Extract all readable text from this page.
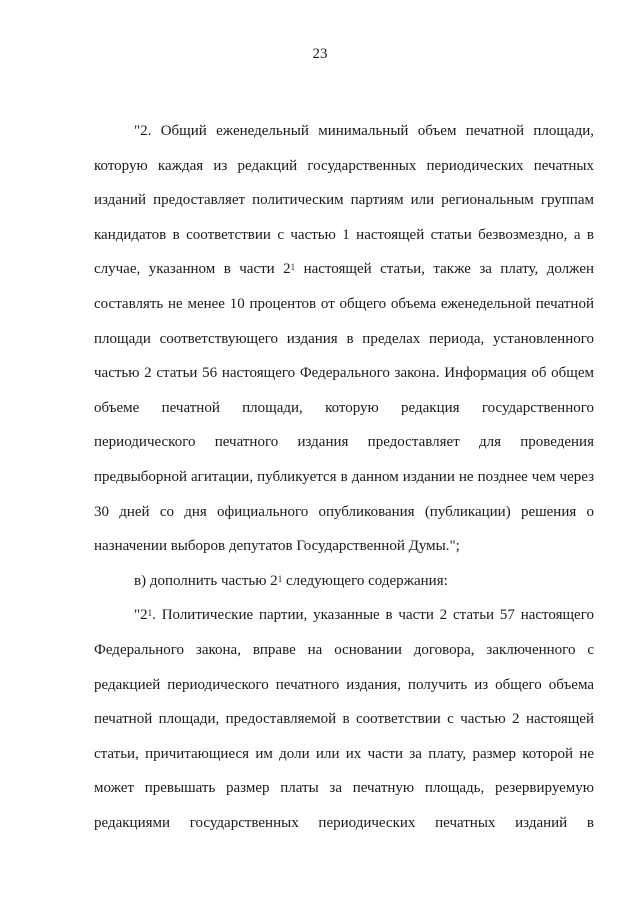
23

"2. Общий еженедельный минимальный объем печатной площади, которую каждая из редакций государственных периодических печатных изданий предоставляет политическим партиям или региональным группам кандидатов в соответствии с частью 1 настоящей статьи безвозмездно, а в случае, указанном в части $2^1$ настоящей статьи, также за плату, должен составлять не менее 10 процентов от общего объема еженедельной печатной площади соответствующего издания в пределах периода, установленного частью 2 статьи 56 настоящего Федерального закона. Информация об общем объеме печатной площади, которую редакция государственного периодического печатного издания предоставляет для проведения предвыборной агитации, публикуется в данном издании не позднее чем через 30 дней со дня официального опубликования (публикации) решения о назначении выборов депутатов Государственной Думы.";

в) дополнить частью $2^1$ следующего содержания:

"$2^1$. Политические партии, указанные в части 2 статьи 57 настоящего Федерального закона, вправе на основании договора, заключенного с редакцией периодического печатного издания, получить из общего объема печатной площади, предоставляемой в соответствии с частью 2 настоящей статьи, причитающиеся им доли или их части за плату, размер которой не может превышать размер платы за печатную площадь, резервируемую редакциями государственных периодических печатных изданий в
